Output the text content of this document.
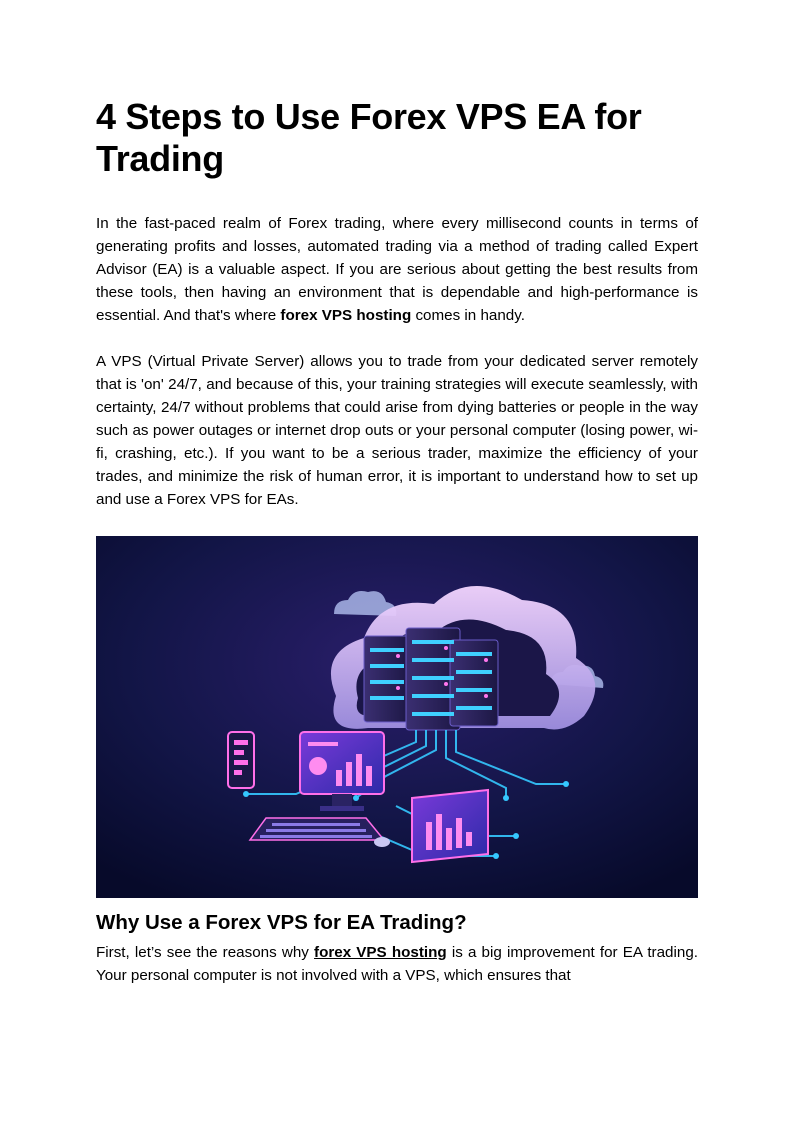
4 Steps to Use Forex VPS EA for Trading

In the fast-paced realm of Forex trading, where every millisecond counts in terms of generating profits and losses, automated trading via a method of trading called Expert Advisor (EA) is a valuable aspect. If you are serious about getting the best results from these tools, then having an environment that is dependable and high-performance is essential. And that's where forex VPS hosting comes in handy.

A VPS (Virtual Private Server) allows you to trade from your dedicated server remotely that is 'on' 24/7, and because of this, your training strategies will execute seamlessly, with certainty, 24/7 without problems that could arise from dying batteries or people in the way such as power outages or internet drop outs or your personal computer (losing power, wi-fi, crashing, etc.). If you want to be a serious trader, maximize the efficiency of your trades, and minimize the risk of human error, it is important to understand how to set up and use a Forex VPS for EAs.

Why Use a Forex VPS for EA Trading?

First, let’s see the reasons why forex VPS hosting is a big improvement for EA trading. Your personal computer is not involved with a VPS, which ensures that
